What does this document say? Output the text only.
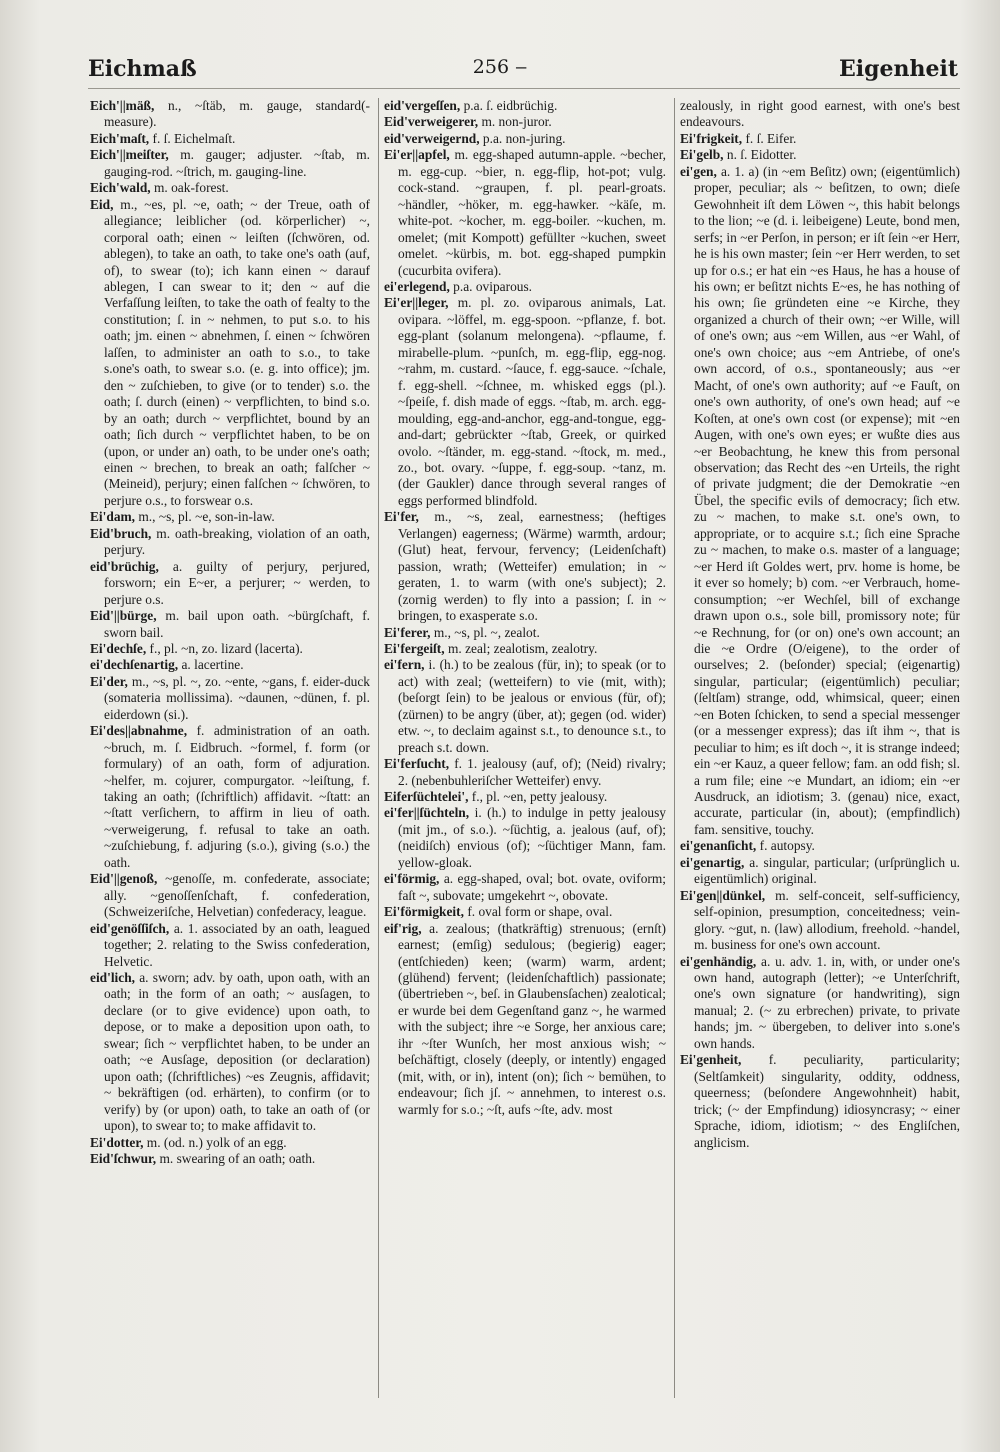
Eichmaß	256 ‒	Eigenheit
Eich'||mäß, n., ~ſtäb, m. gauge, standard(-measure).
Eich'maſt, f. ſ. Eichelmaſt.
Eich'||meiſter, m. gauger; adjuster. ~ſtab, m. gauging-rod. ~ſtrich, m. gauging-line.
Eich'wald, m. oak-forest.
Eid, m., ~es, pl. ~e, oath; ~ der Treue, oath of allegiance; leiblicher (od. körperlicher) ~, corporal oath; einen ~ leiſten (ſchwören, od. ablegen), to take an oath, to take one's oath (auf, of), to swear (to); ich kann einen ~ darauf ablegen, I can swear to it; den ~ auf die Verfaſſung leiſten, to take the oath of fealty to the constitution; ſ. in ~ nehmen, to put s.o. to his oath; jm. einen ~ abnehmen, ſ. einen ~ ſchwören laſſen, to administer an oath to s.o., to take s.one's oath, to swear s.o. (e. g. into office); jm. den ~ zuſchieben, to give (or to tender) s.o. the oath; ſ. durch (einen) ~ verpflichten, to bind s.o. by an oath; durch ~ verpflichtet, bound by an oath; ſich durch ~ verpflichtet haben, to be on (upon, or under an) oath, to be under one's oath; einen ~ brechen, to break an oath; falſcher ~ (Meineid), perjury; einen falſchen ~ ſchwören, to perjure o.s., to forswear o.s.
Ei'dam, m., ~s, pl. ~e, son-in-law.
Eid'bruch, m. oath-breaking, violation of an oath, perjury.
eid'brüchig, a. guilty of perjury, perjured, forsworn; ein E~er, a perjurer; ~ werden, to perjure o.s.
Eid'||bürge, m. bail upon oath. ~bürgſchaft, f. sworn bail.
Ei'dechſe, f., pl. ~n, zo. lizard (lacerta).
ei'dechſenartig, a. lacertine.
Ei'der, m., ~s, pl. ~, zo. ~ente, ~gans, f. eider-duck (somateria mollissima). ~daunen, ~dünen, f. pl. eiderdown (si.).
Ei'des||abnahme, f. administration of an oath. ~bruch, m. ſ. Eidbruch. ~formel, f. form (or formulary) of an oath, form of adjuration. ~helfer, m. cojurer, compurgator. ~leiſtung, f. taking an oath; (ſchriftlich) affidavit. ~ſtatt: an ~ſtatt verſichern, to affirm in lieu of oath. ~verweigerung, f. refusal to take an oath. ~zuſchiebung, f. adjuring (s.o.), giving (s.o.) the oath.
Eid'||genoß, ~genoſſe, m. confederate, associate; ally. ~genoſſenſchaft, f. confederation, (Schweizeriſche, Helvetian) confederacy, league.
eid'genöſſiſch, a. 1. associated by an oath, leagued together; 2. relating to the Swiss confederation, Helvetic.
eid'lich, a. sworn; adv. by oath, upon oath, with an oath; in the form of an oath; ~ ausſagen, to declare (or to give evidence) upon oath, to depose, or to make a deposition upon oath, to swear; ſich ~ verpflichtet haben, to be under an oath; ~e Ausſage, deposition (or declaration) upon oath; (ſchriftliches) ~es Zeugnis, affidavit; ~ bekräftigen (od. erhärten), to confirm (or to verify) by (or upon) oath, to take an oath of (or upon), to swear to; to make affidavit to.
Ei'dotter, m. (od. n.) yolk of an egg.
Eid'ſchwur, m. swearing of an oath; oath.
eid'vergeſſen, p.a. ſ. eidbrüchig.
Eid'verweigerer, m. non-juror.
eid'verweigernd, p.a. non-juring.
Ei'er||apfel, m. egg-shaped autumn-apple. ~becher, m. egg-cup. ~bier, n. egg-flip, hot-pot; vulg. cock-stand. ~graupen, f. pl. pearl-groats. ~händler, ~höker, m. egg-hawker. ~käſe, m. white-pot. ~kocher, m. egg-boiler. ~kuchen, m. omelet; (mit Kompott) gefüllter ~kuchen, sweet omelet. ~kürbis, m. bot. egg-shaped pumpkin (cucurbita ovifera).
ei'erlegend, p.a. oviparous.
Ei'er||leger, m. pl. zo. oviparous animals, Lat. ovipara. ~löffel, m. egg-spoon. ~pflanze, f. bot. egg-plant (solanum melongena). ~pflaume, f. mirabelle-plum. ~punſch, m. egg-flip, egg-nog. ~rahm, m. custard. ~ſauce, f. egg-sauce. ~ſchale, f. egg-shell. ~ſchnee, m. whisked eggs (pl.). ~ſpeiſe, f. dish made of eggs. ~ſtab, m. arch. egg-moulding, egg-and-anchor, egg-and-tongue, egg-and-dart; gebrückter ~ſtab, Greek, or quirked ovolo. ~ſtänder, m. egg-stand. ~ſtock, m. med., zo., bot. ovary. ~ſuppe, f. egg-soup. ~tanz, m. (der Gaukler) dance through several ranges of eggs performed blindfold.
Ei'fer, m., ~s, zeal, earnestness; (heftiges Verlangen) eagerness; (Wärme) warmth, ardour; (Glut) heat, fervour, fervency; (Leidenſchaft) passion, wrath; (Wetteifer) emulation; in ~ geraten, 1. to warm (with one's subject); 2. (zornig werden) to fly into a passion; ſ. in ~ bringen, to exasperate s.o.
Ei'ferer, m., ~s, pl. ~, zealot.
Ei'fergeiſt, m. zeal; zealotism, zealotry.
ei'fern, i. (h.) to be zealous (für, in); to speak (or to act) with zeal; (wetteifern) to vie (mit, with); (beſorgt ſein) to be jealous or envious (für, of); (zürnen) to be angry (über, at); gegen (od. wider) etw. ~, to declaim against s.t., to denounce s.t., to preach s.t. down.
Ei'ferſucht, f. 1. jealousy (auf, of); (Neid) rivalry; 2. (nebenbuhleriſcher Wetteifer) envy.
Eiferſüchtelei', f., pl. ~en, petty jealousy.
ei'fer||ſüchteln, i. (h.) to indulge in petty jealousy (mit jm., of s.o.). ~ſüchtig, a. jealous (auf, of); (neidiſch) envious (of); ~ſüchtiger Mann, fam. yellow-gloak.
ei'förmig, a. egg-shaped, oval; bot. ovate, oviform; faſt ~, subovate; umgekehrt ~, obovate.
Ei'förmigkeit, f. oval form or shape, oval.
eif'rig, a. zealous; (thatkräftig) strenuous; (ernſt) earnest; (emſig) sedulous; (begierig) eager; (entſchieden) keen; (warm) warm, ardent; (glühend) fervent; (leidenſchaftlich) passionate; (übertrieben ~, beſ. in Glaubensſachen) zealotical; er wurde bei dem Gegenſtand ganz ~, he warmed with the subject; ihre ~e Sorge, her anxious care; ihr ~ſter Wunſch, her most anxious wish; ~ beſchäftigt, closely (deeply, or intently) engaged (mit, with, or in), intent (on); ſich ~ bemühen, to endeavour; ſich jſ. ~ annehmen, to interest o.s. warmly for s.o.; ~ſt, aufs ~ſte, adv. most
zealously, in right good earnest, with one's best endeavours.
Ei'frigkeit, f. ſ. Eifer.
Ei'gelb, n. ſ. Eidotter.
ei'gen, a. 1. a) (in ~em Beſitz) own; (eigentümlich) proper, peculiar; als ~ beſitzen, to own; dieſe Gewohnheit iſt dem Löwen ~, this habit belongs to the lion; ~e (d. i. leibeigene) Leute, bond men, serfs; in ~er Perſon, in person; er iſt ſein ~er Herr, he is his own master; ſein ~er Herr werden, to set up for o.s.; er hat ein ~es Haus, he has a house of his own; er beſitzt nichts E~es, he has nothing of his own; ſie gründeten eine ~e Kirche, they organized a church of their own; ~er Wille, will of one's own; aus ~em Willen, aus ~er Wahl, of one's own choice; aus ~em Antriebe, of one's own accord, of o.s., spontaneously; aus ~er Macht, of one's own authority; auf ~e Fauſt, on one's own authority, of one's own head; auf ~e Koſten, at one's own cost (or expense); mit ~en Augen, with one's own eyes; er wußte dies aus ~er Beobachtung, he knew this from personal observation; das Recht des ~en Urteils, the right of private judgment; die der Demokratie ~en Übel, the specific evils of democracy; ſich etw. zu ~ machen, to make s.t. one's own, to appropriate, or to acquire s.t.; ſich eine Sprache zu ~ machen, to make o.s. master of a language; ~er Herd iſt Goldes wert, prv. home is home, be it ever so homely; b) com. ~er Verbrauch, home-consumption; ~er Wechſel, bill of exchange drawn upon o.s., sole bill, promissory note; für ~e Rechnung, for (or on) one's own account; an die ~e Ordre (O/eigene), to the order of ourselves; 2. (beſonder) special; (eigenartig) singular, particular; (eigentümlich) peculiar; (ſeltſam) strange, odd, whimsical, queer; einen ~en Boten ſchicken, to send a special messenger (or a messenger express); das iſt ihm ~, that is peculiar to him; es iſt doch ~, it is strange indeed; ein ~er Kauz, a queer fellow; fam. an odd fish; sl. a rum file; eine ~e Mundart, an idiom; ein ~er Ausdruck, an idiotism; 3. (genau) nice, exact, accurate, particular (in, about); (empfindlich) fam. sensitive, touchy.
ei'genanſicht, f. autopsy.
ei'genartig, a. singular, particular; (urſprünglich u. eigentümlich) original.
Ei'gen||dünkel, m. self-conceit, self-sufficiency, self-opinion, presumption, conceitedness; vein-glory. ~gut, n. (law) allodium, freehold. ~handel, m. business for one's own account.
ei'genhändig, a. u. adv. 1. in, with, or under one's own hand, autograph (letter); ~e Unterſchrift, one's own signature (or handwriting), sign manual; 2. (~ zu erbrechen) private, to private hands; jm. ~ übergeben, to deliver into s.one's own hands.
Ei'genheit, f. peculiarity, particularity; (Seltſamkeit) singularity, oddity, oddness, queerness; (beſondere Angewohnheit) habit, trick; (~ der Empfindung) idiosyncrasy; ~ einer Sprache, idiom, idiotism; ~ des Engliſchen, anglicism.
